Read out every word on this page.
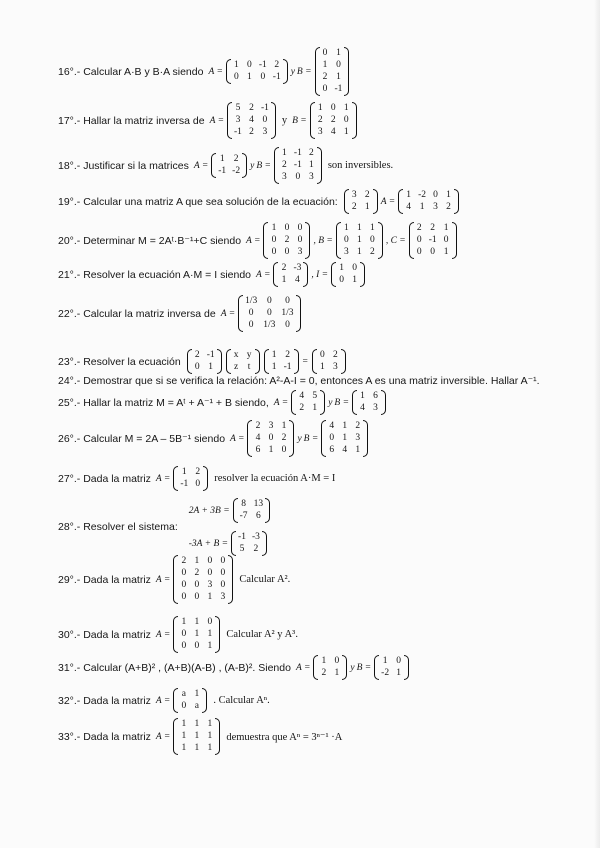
16°.- Calcular A·B y B·A siendo A =
1 0 -1 2
0 1 0 -1
y B =
0 1
1 0
2 1
0 -1
17°.- Hallar la matriz inversa de A =
5 2 -1
3 4 0
-1 2 3
y B =
1 0 1
2 2 0
3 4 1
18°.- Justificar si la matrices A =
1 2
-1 -2
y B =
1 -1 2
2 -1 1
3 0 3
son inversibles.
19°.- Calcular una matriz A que sea solución de la ecuación:
3 2
2 1
A =
1 -2 0 1
4 1 3 2
20°.- Determinar M = 2Aᵗ·B⁻¹+C siendo A =
1 0 0
0 2 0
0 0 3
, B =
1 1 1
0 1 0
3 1 2
, C =
2 2 1
0 -1 0
0 0 1
21°.- Resolver la ecuación A·M = I siendo A =
2 -3
1 4
, I =
1 0
0 1
22°.- Calcular la matriz inversa de A =
1/3	0	0
0	0	1/3
0	1/3	0
23°.- Resolver la ecuación
2 -1
0 1
x y
z t
1 2
1 -1
=
0 2
1 3
24°.- Demostrar que si se verifica la relación: A²-A-I = 0, entonces A es una matriz inversible. Hallar A⁻¹.
25°.- Hallar la matriz M = Aᵗ + A⁻¹ + B siendo, A =
4 5
2 1
y B =
1 6
4 3
26°.- Calcular M = 2A – 5B⁻¹ siendo A =
2 3 1
4 0 2
6 1 0
y B =
4 1 2
0 1 3
6 4 1
27°.- Dada la matriz A =
1 2
-1 0 resolver la ecuación A·M = I
28°.- Resolver el sistema:
2A + 3B =
8 13
-7 6
-3A + B =
-1 -3
5 2
29°.- Dada la matriz A =
2 1 0 0
0 2 0 0
0 0 3 0
0 0 1 3
Calcular A².
30°.- Dada la matriz A =
1 1 0
0 1 1
0 0 1
Calcular A² y A³.
31°.- Calcular (A+B)² , (A+B)(A-B) , (A-B)². Siendo A =
1 0
2 1
y B =
1 0
-2 1
32°.- Dada la matriz A =
a 1
0 a . Calcular Aⁿ.
33°.- Dada la matriz A =
1 1 1
1 1 1
1 1 1
demuestra que Aⁿ = 3ⁿ⁻¹ ·A
